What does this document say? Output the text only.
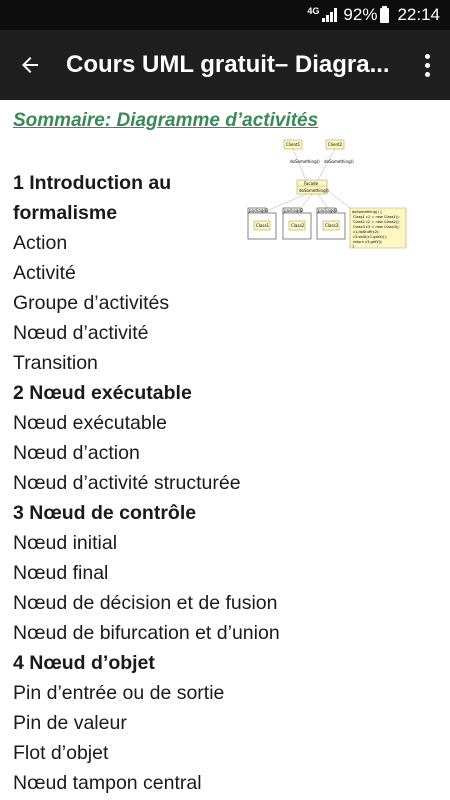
4G 92% 22:14
Cours UML gratuit– Diagra...
Sommaire: Diagramme d’activités
Client1	Client2
doSomething() doSomething()
Facade
doSomething()
package1
Class1
package2
Class2
package3
Class3
doSomething() {
Class1 c1 = new Class1();
Class2 c2 = new Class2();
Class3 c3 = new Class3();
c1.doStuff(c2);
c3.setX(c1.getX());
return c3.getY();
}
1 Introduction au formalisme
Action
Activité
Groupe d’activités
Nœud d’activité
Transition
2 Nœud exécutable
Nœud exécutable
Nœud d’action
Nœud d’activité structurée
3 Nœud de contrôle
Nœud initial
Nœud final
Nœud de décision et de fusion
Nœud de bifurcation et d’union
4 Nœud d’objet
Pin d’entrée ou de sortie
Pin de valeur
Flot d’objet
Nœud tampon central
